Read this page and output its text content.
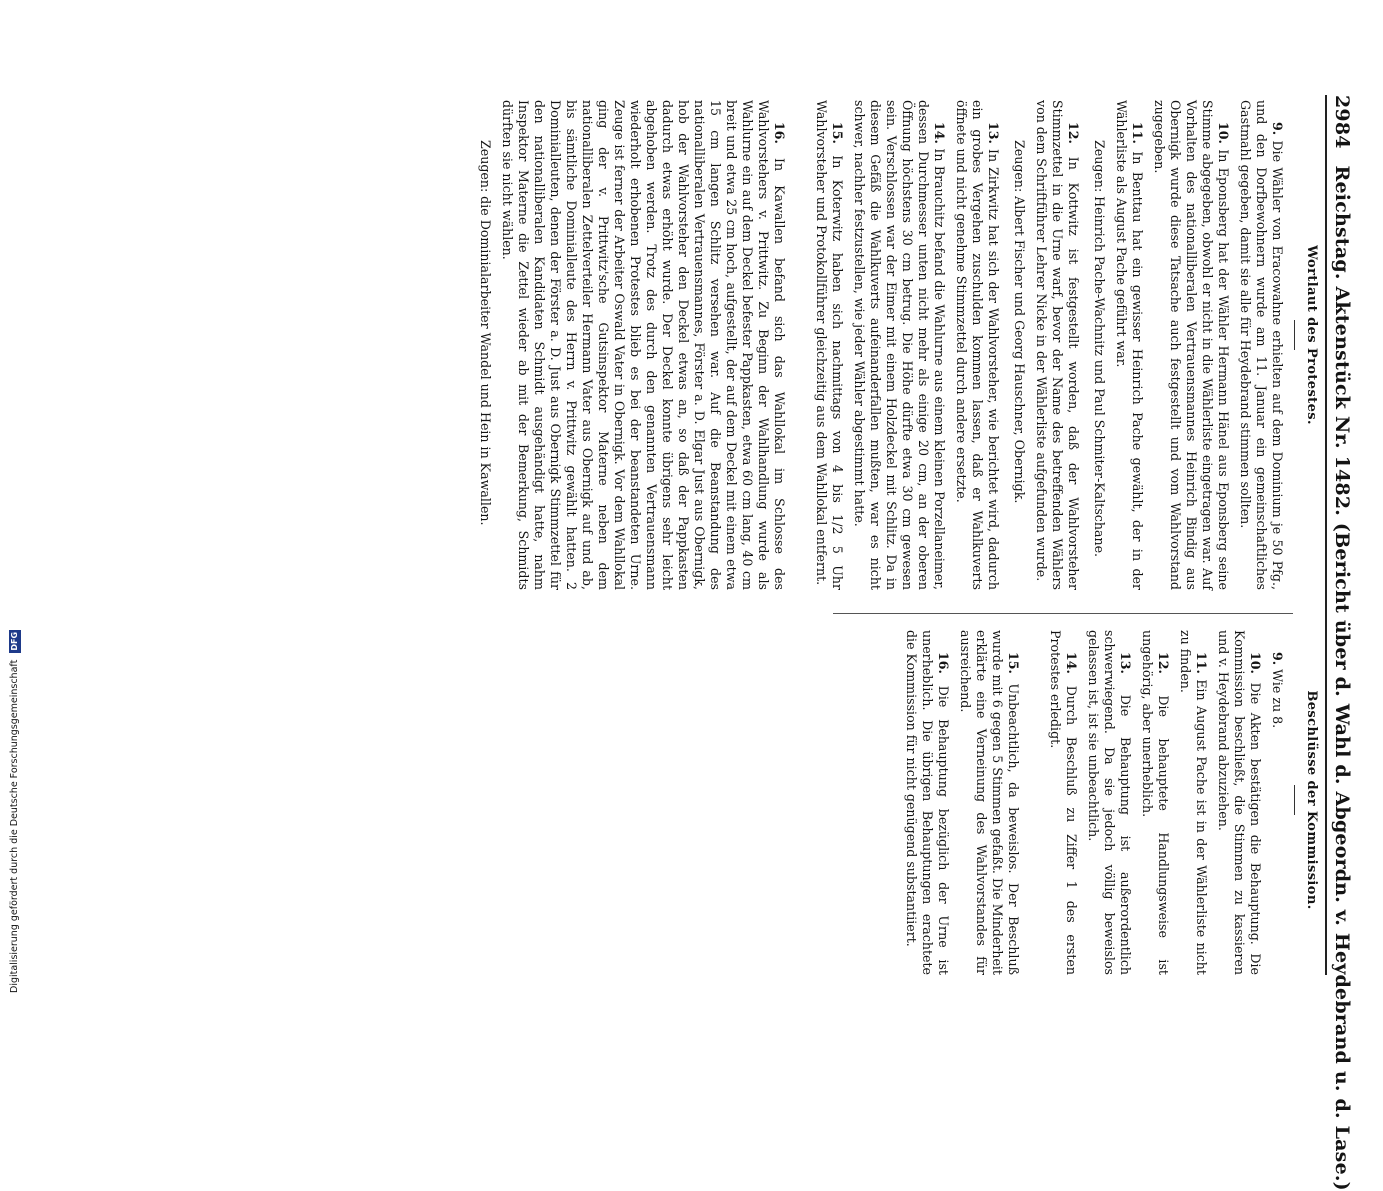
2984 Reichstag. Aktenstück Nr. 1482. (Bericht über d. Wahl d. Abgeordn. v. Heydebrand u. d. Lase.)
Wortlaut des Protestes.
Beschlüsse der Kommission.

9. Die Wähler von Eracowahne erhielten auf dem Dominium je 50 Pfg., und den Dorfbewohnern wurde am 11. Januar ein gemeinschaftliches Gastmahl gegeben, damit sie alle für Heydebrand stimmen sollten.

10. In Eponsberg hat der Wähler Hermann Hänel aus Eponsberg seine Stimme abgegeben, obwohl er nicht in die Wählerliste eingetragen war. Auf Vorhalten des nationalliberalen Vertrauensmannes Heinrich Bindig aus Obernigk wurde diese Tatsache auch festgestellt und vom Wahlvorstand zugegeben.

11. In Benttau hat ein gewisser Heinrich Pache gewählt, der in der Wählerliste als August Pache geführt war.

Zeugen: Heinrich Pache-Wachnitz und Paul Schmiter-Kaltschane.

12. In Kottwitz ist festgestellt worden, daß der Wahlvorsteher Stimmzettel in die Urne warf, bevor der Name des betreffenden Wählers von dem Schriftführer Lehrer Nicke in der Wählerliste aufgefunden wurde.

Zeugen: Albert Fischer und Georg Hauschner, Obernigk.

13. In Zirkwitz hat sich der Wahlvorsteher, wie berichtet wird, dadurch ein grobes Vergehen zuschulden kommen lassen, daß er Wahlkuverts öffnete und nicht genehme Stimmzettel durch andere ersetzte.

14. In Brauchitz befand die Wahlurne aus einem kleinen Porzellaneimer, dessen Durchmesser unten nicht mehr als einige 20 cm, an der oberen Öffnung höchstens 30 cm betrug. Die Höhe dürfte etwa 30 cm gewesen sein. Verschlossen war der Eimer mit einem Holzdeckel mit Schlitz. Da in diesem Gefäß die Wahlkuverts aufeinanderfallen mußten, war es nicht schwer, nachher festzustellen, wie jeder Wähler abgestimmt hatte.

15. In Koterwitz haben sich nachmittags von 4 bis 1/2 5 Uhr Wahlvorsteher und Protokollführer gleichzeitig aus dem Wahllokal entfernt.

16. In Kawallen befand sich das Wahllokal im Schlosse des Wahlvorstehers v. Prittwitz. Zu Beginn der Wahlhandlung wurde als Wahlurne ein auf dem Deckel befester Pappkasten, etwa 60 cm lang, 40 cm breit und etwa 25 cm hoch, aufgestellt, der auf dem Deckel mit einem etwa 15 cm langen Schlitz versehen war. Auf die Beanstandung des nationalliberalen Vertrauensmannes, Förster a. D. Elgar Just aus Obernigk, hob der Wahlvorsteher den Deckel etwas an, so daß der Pappkasten dadurch etwas erhöht wurde. Der Deckel konnte übrigens sehr leicht abgehoben werden. Trotz des durch den genannten Vertrauensmann wiederholt erhobenen Protestes blieb es bei der beanstandeten Urne. Zeuge ist ferner der Arbeiter Oswald Vater in Obernigk. Vor dem Wahllokal ging der v. Prittwitz'sche Gutsinspektor Materne neben dem nationalliberalen Zettelverteiler Hermann Vater aus Obernigk auf und ab, bis sämtliche Dominialleute des Herrn v. Prittwitz gewählt hatten. 2 Dominialleuten, denen der Förster a. D. Just aus Obernigk Stimmzettel für den nationalliberalen Kandidaten Schmidt ausgehändigt hatte, nahm Inspektor Materne die Zettel wieder ab mit der Bemerkung, Schmidts dürften sie nicht wählen.

Zeugen: die Dominialarbeiter Wandel und Hein in Kawallen.

9. Wie zu 8.

10. Die Akten bestätigen die Behauptung. Die Kommission beschließt, die Stimmen zu kassieren und v. Heydebrand abzuziehen.

11. Ein August Pache ist in der Wählerliste nicht zu finden.

12. Die behauptete Handlungsweise ist ungehörig, aber unerheblich.

13. Die Behauptung ist außerordentlich schwerwiegend. Da sie jedoch völlig beweislos gelassen ist, ist sie unbeachtlich.

14. Durch Beschluß zu Ziffer 1 des ersten Protestes erledigt.

15. Unbeachtlich, da beweislos. Der Beschluß wurde mit 6 gegen 5 Stimmen gefaßt. Die Minderheit erklärte eine Verneinung des Wahlvorstandes für ausreichend.

16. Die Behauptung bezüglich der Urne ist unerheblich. Die übrigen Behauptungen erachtete die Kommission für nicht genügend substantiiert.

Digitalisierung gefördert durch die Deutsche Forschungsgemeinschaft DFG
